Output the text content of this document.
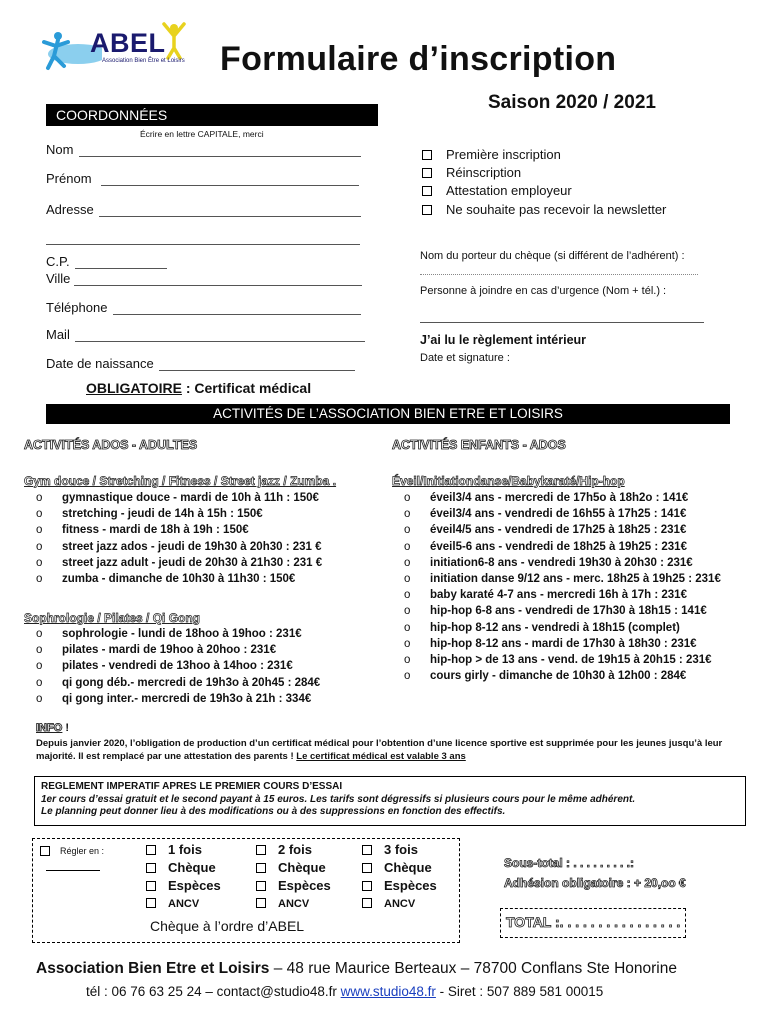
ABEL
Association Bien Être et Loisirs Formulaire d’inscription
Saison 2020 / 2021
COORDONNÉES
Écrire en lettre CAPITALE, merci
Nom
Prénom
Adresse
C.P.
Ville
Téléphone
Mail
Date de naissance
OBLIGATOIRE : Certificat médical
Première inscription
Réinscription
Attestation employeur
Ne souhaite pas recevoir la newsletter
Nom du porteur du chèque (si différent de l’adhérent) :
Personne à joindre en cas d’urgence (Nom + tél.) :
J’ai lu le règlement intérieur
Date et signature :
ACTIVITÉS DE L’ASSOCIATION BIEN ETRE ET LOISIRS
ACTIVITÉS ADOS - ADULTES	ACTIVITÉS ENFANTS - ADOS
Gym douce / Stretching / Fitness / Street jazz / Zumba .
o gymnastique douce - mardi de 10h à 11h : 150€
o stretching - jeudi de 14h à 15h : 150€
o fitness - mardi de 18h à 19h : 150€
o street jazz ados - jeudi de 19h30 à 20h30 : 231 €
o street jazz adult - jeudi de 20h30 à 21h30 : 231 €
o zumba - dimanche de 10h30 à 11h30 : 150€
Sophrologie / Pilates / Qi Gong
o sophrologie - lundi de 18hoo à 19hoo : 231€
o pilates - mardi de 19hoo à 20hoo : 231€
o pilates - vendredi de 13hoo à 14hoo : 231€
o qi gong déb.- mercredi de 19h3o à 20h45 : 284€
o qi gong inter.- mercredi de 19h3o à 21h : 334€
Éveil/Initiationdanse/Babykaraté/Hip-hop
o éveil3/4 ans - mercredi de 17h5o à 18h2o : 141€
o éveil3/4 ans - vendredi de 16h55 à 17h25 : 141€
o éveil4/5 ans - vendredi de 17h25 à 18h25 : 231€
o éveil5-6 ans - vendredi de 18h25 à 19h25 : 231€
o initiation6-8 ans - vendredi 19h30 à 20h30 : 231€
o initiation danse 9/12 ans - merc. 18h25 à 19h25 : 231€
o baby karaté 4-7 ans - mercredi 16h à 17h : 231€
o hip-hop 6-8 ans - vendredi de 17h30 à 18h15 : 141€
o hip-hop 8-12 ans - vendredi à 18h15 (complet)
o hip-hop 8-12 ans - mardi de 17h30 à 18h30 : 231€
o hip-hop > de 13 ans - vend. de 19h15 à 20h15 : 231€
o cours girly - dimanche de 10h30 à 12h00 : 284€
INFO !
Depuis janvier 2020, l’obligation de production d’un certificat médical pour l’obtention d’une licence sportive est supprimée pour les jeunes jusqu’à leur majorité. Il est remplacé par une attestation des parents ! Le certificat médical est valable 3 ans
REGLEMENT IMPERATIF APRES LE PREMIER COURS D’ESSAI
1er cours d’essai gratuit et le second payant à 15 euros. Les tarifs sont dégressifs si plusieurs cours pour le même adhérent.
Le planning peut donner lieu à des modifications ou à des suppressions en fonction des effectifs.
Régler en :	1 fois
Chèque
Espèces
ANCV
2 fois
Chèque
Espèces
ANCV
3 fois
Chèque
Espèces
ANCV
Chèque à l’ordre d’ABEL
Sous-total : . . . . . . . . .:
Adhésion obligatoire : + 20,oo €
TOTAL :. . . . . . . . . . . . . . . .
Association Bien Etre et Loisirs – 48 rue Maurice Berteaux – 78700 Conflans Ste Honorine
tél : 06 76 63 25 24 – contact@studio48.fr www.studio48.fr - Siret : 507 889 581 00015
